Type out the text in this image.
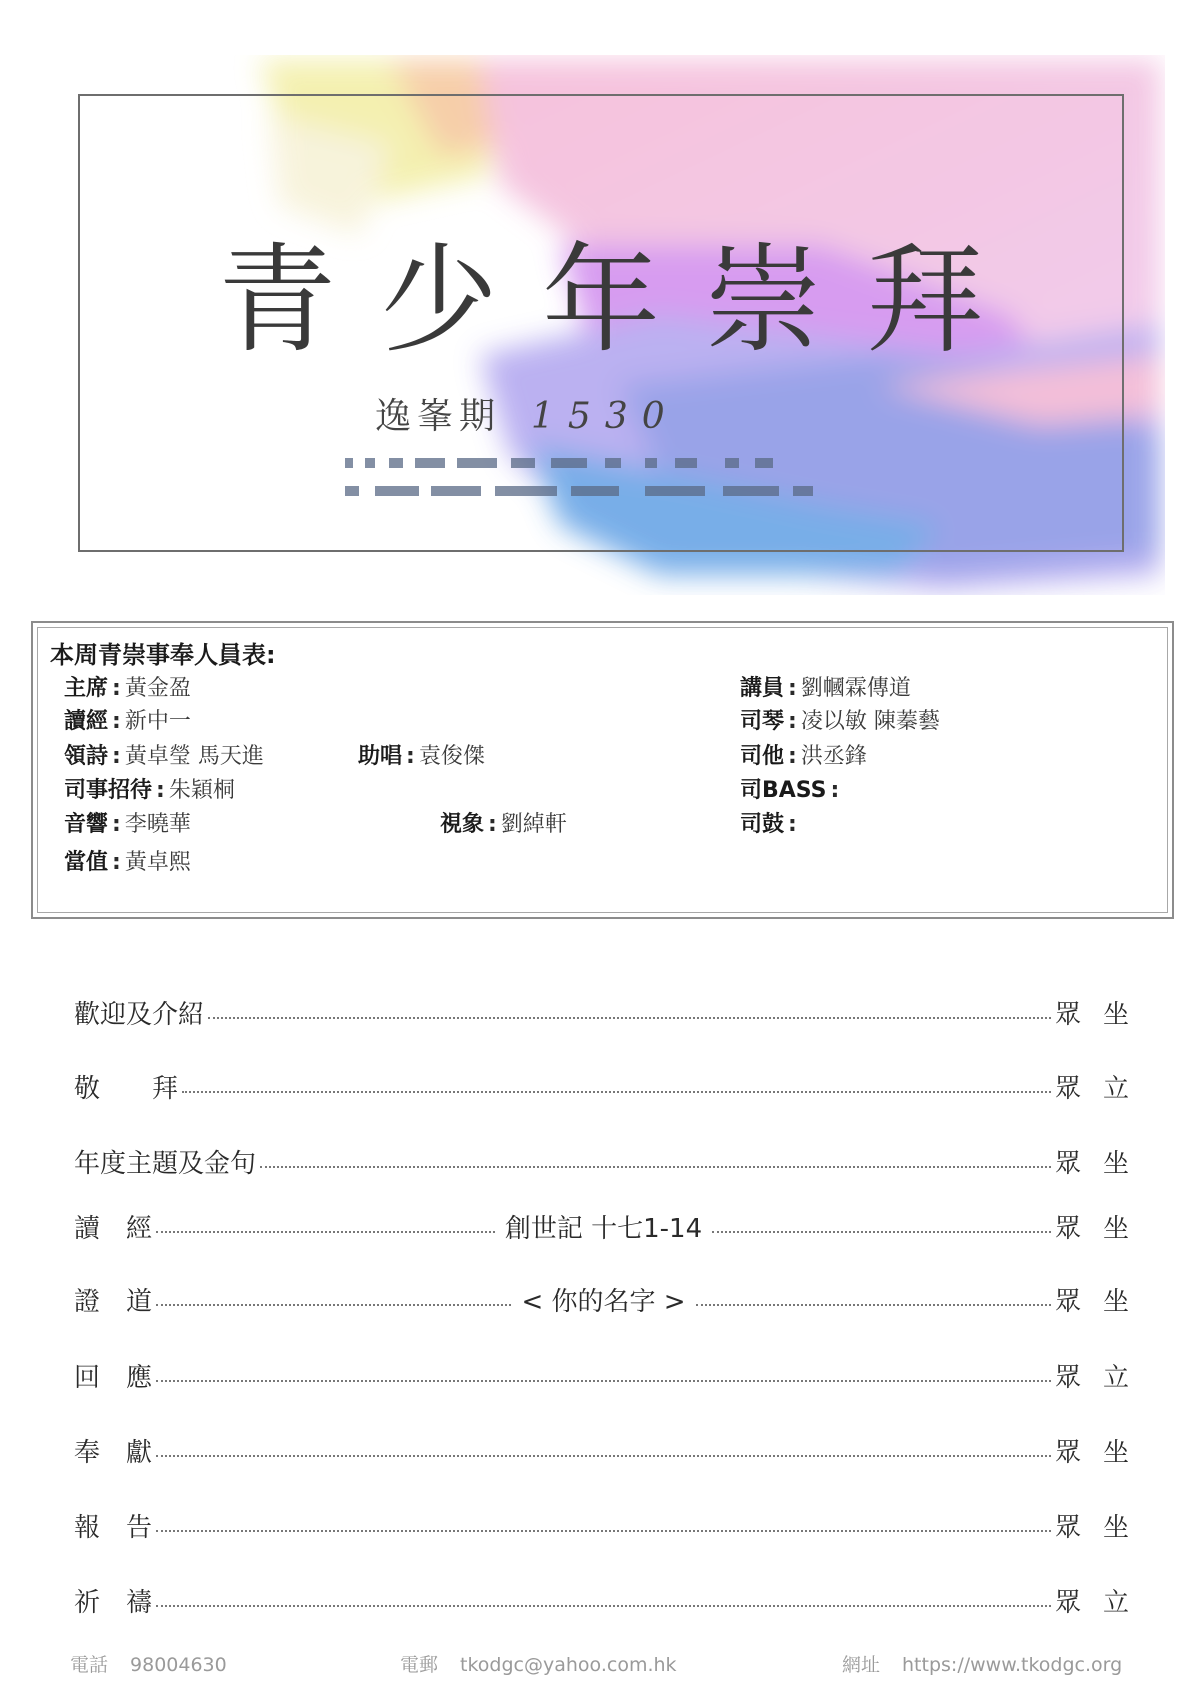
青少年崇拜
逸峯期 1530
本周青崇事奉人員表:
主席 : 黃金盈
讀經 : 新中一
領詩 : 黃卓瑩 馬天進	助唱 : 袁俊傑
司事招待 : 朱穎桐
音響 : 李曉華	視象 : 劉綽軒
當值 : 黃卓熙
講員 : 劉幗霖傳道
司琴 : 凌以敏 陳蓁藝
司他 : 洪丞鋒
司BASS :
司鼓 :
歡迎及介紹	眾坐
敬　　拜	眾立
年度主題及金句	眾坐
讀　經	創世記 十七1-14	眾坐
證　道	< 你的名字 >	眾坐
回　應	眾立
奉　獻	眾坐
報　告	眾坐
祈　禱	眾立
電話 98004630	電郵 tkodgc@yahoo.com.hk	網址 https://www.tkodgc.org
